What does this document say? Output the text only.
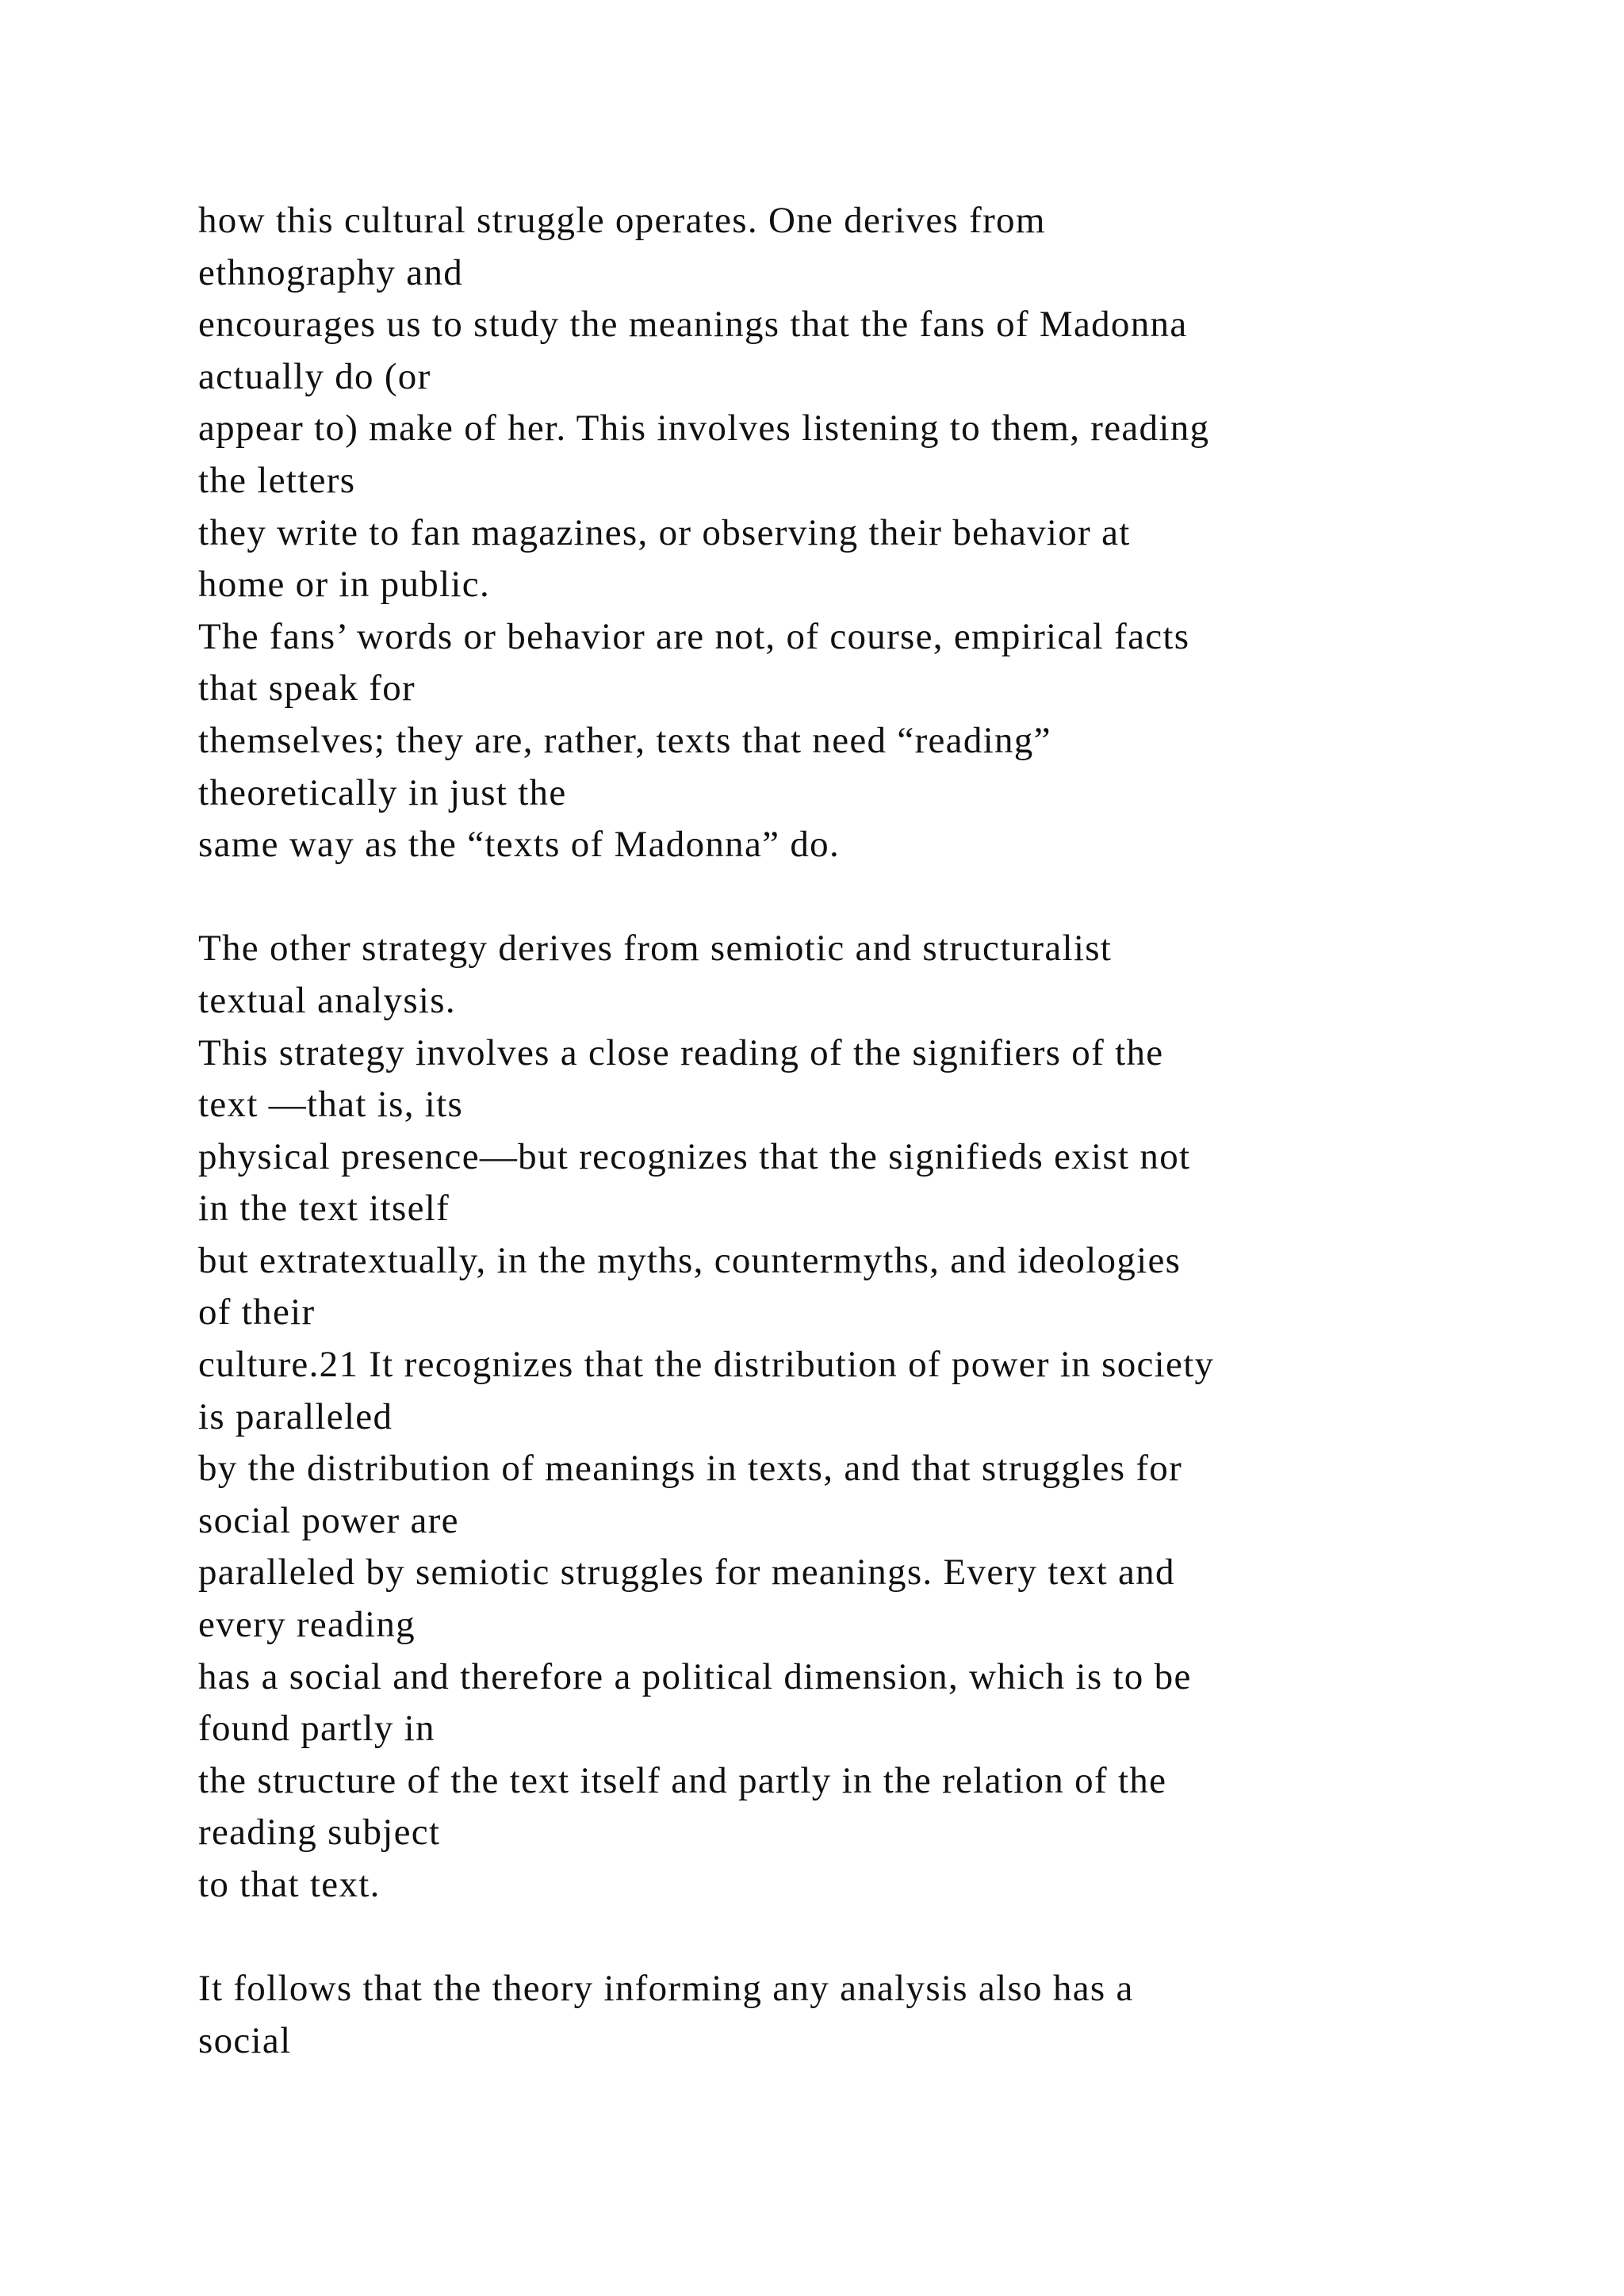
how this cultural struggle operates. One derives from
ethnography and
encourages us to study the meanings that the fans of Madonna
actually do (or
appear to) make of her. This involves listening to them, reading
the letters
they write to fan magazines, or observing their behavior at
home or in public.
The fans’ words or behavior are not, of course, empirical facts
that speak for
themselves; they are, rather, texts that need “reading”
theoretically in just the
same way as the “texts of Madonna” do.
The other strategy derives from semiotic and structuralist
textual analysis.
This strategy involves a close reading of the signifiers of the
text —that is, its
physical presence—but recognizes that the signifieds exist not
in the text itself
but extratextually, in the myths, countermyths, and ideologies
of their
culture.21 It recognizes that the distribution of power in society
is paralleled
by the distribution of meanings in texts, and that struggles for
social power are
paralleled by semiotic struggles for meanings. Every text and
every reading
has a social and therefore a political dimension, which is to be
found partly in
the structure of the text itself and partly in the relation of the
reading subject
to that text.
It follows that the theory informing any analysis also has a
social
